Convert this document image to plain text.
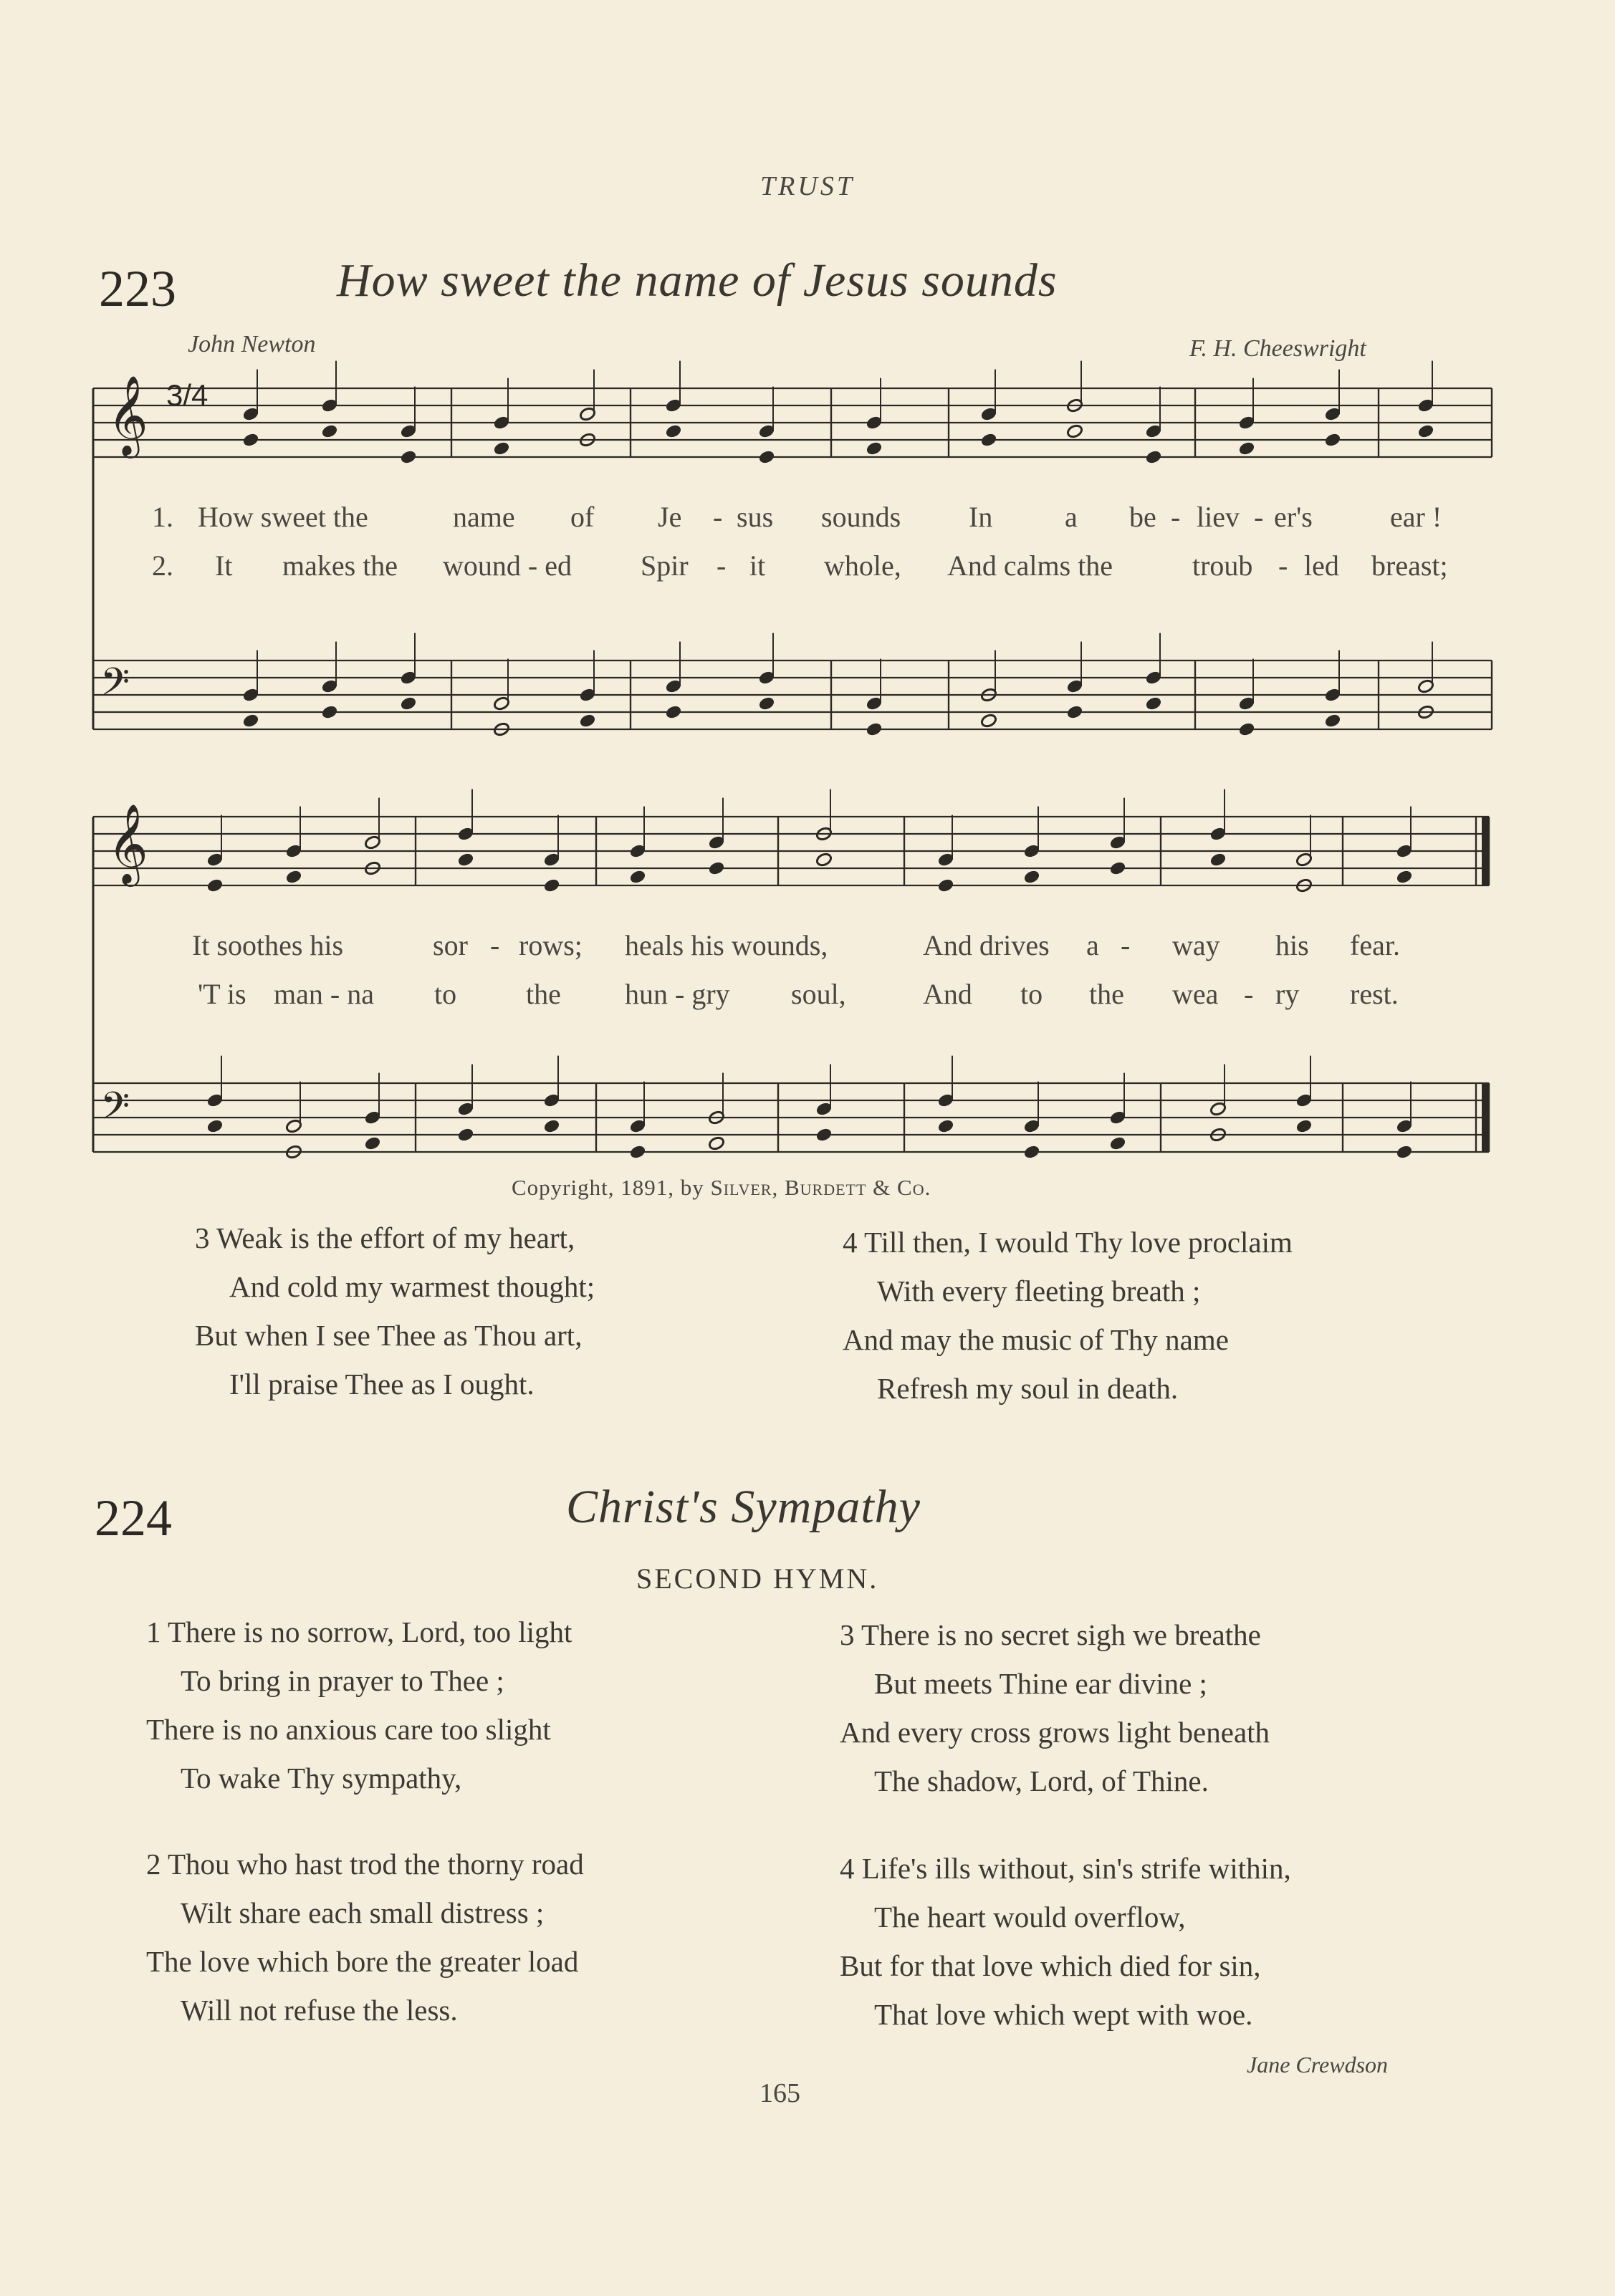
TRUST
223	How sweet the name of Jesus sounds
John Newton	F. H. Cheeswright
𝄞
𝄢
𝄞
𝄢
3/4
1. How sweet the	name of Je - sus sounds In	a be - liev - er's	ear !
2. It makes the wound - ed Spir - it whole, And calms the	troub - led breast;
It soothes his	sor - rows; heals his wounds,	And drives a - way his fear.
'T is man - na to the hun - gry soul,	And to the wea - ry rest.
Copyright, 1891, by Silver, Burdett & Co.
3 Weak is the effort of my heart,
And cold my warmest thought;
But when I see Thee as Thou art,
I'll praise Thee as I ought.
4 Till then, I would Thy love proclaim
With every fleeting breath ;
And may the music of Thy name
Refresh my soul in death.
224	Christ's Sympathy
SECOND HYMN.
1 There is no sorrow, Lord, too light
To bring in prayer to Thee ;
There is no anxious care too slight
To wake Thy sympathy,
3 There is no secret sigh we breathe
But meets Thine ear divine ;
And every cross grows light beneath
The shadow, Lord, of Thine.
2 Thou who hast trod the thorny road
Wilt share each small distress ;
The love which bore the greater load
Will not refuse the less.
4 Life's ills without, sin's strife within,
The heart would overflow,
But for that love which died for sin,
That love which wept with woe.
Jane Crewdson
165
